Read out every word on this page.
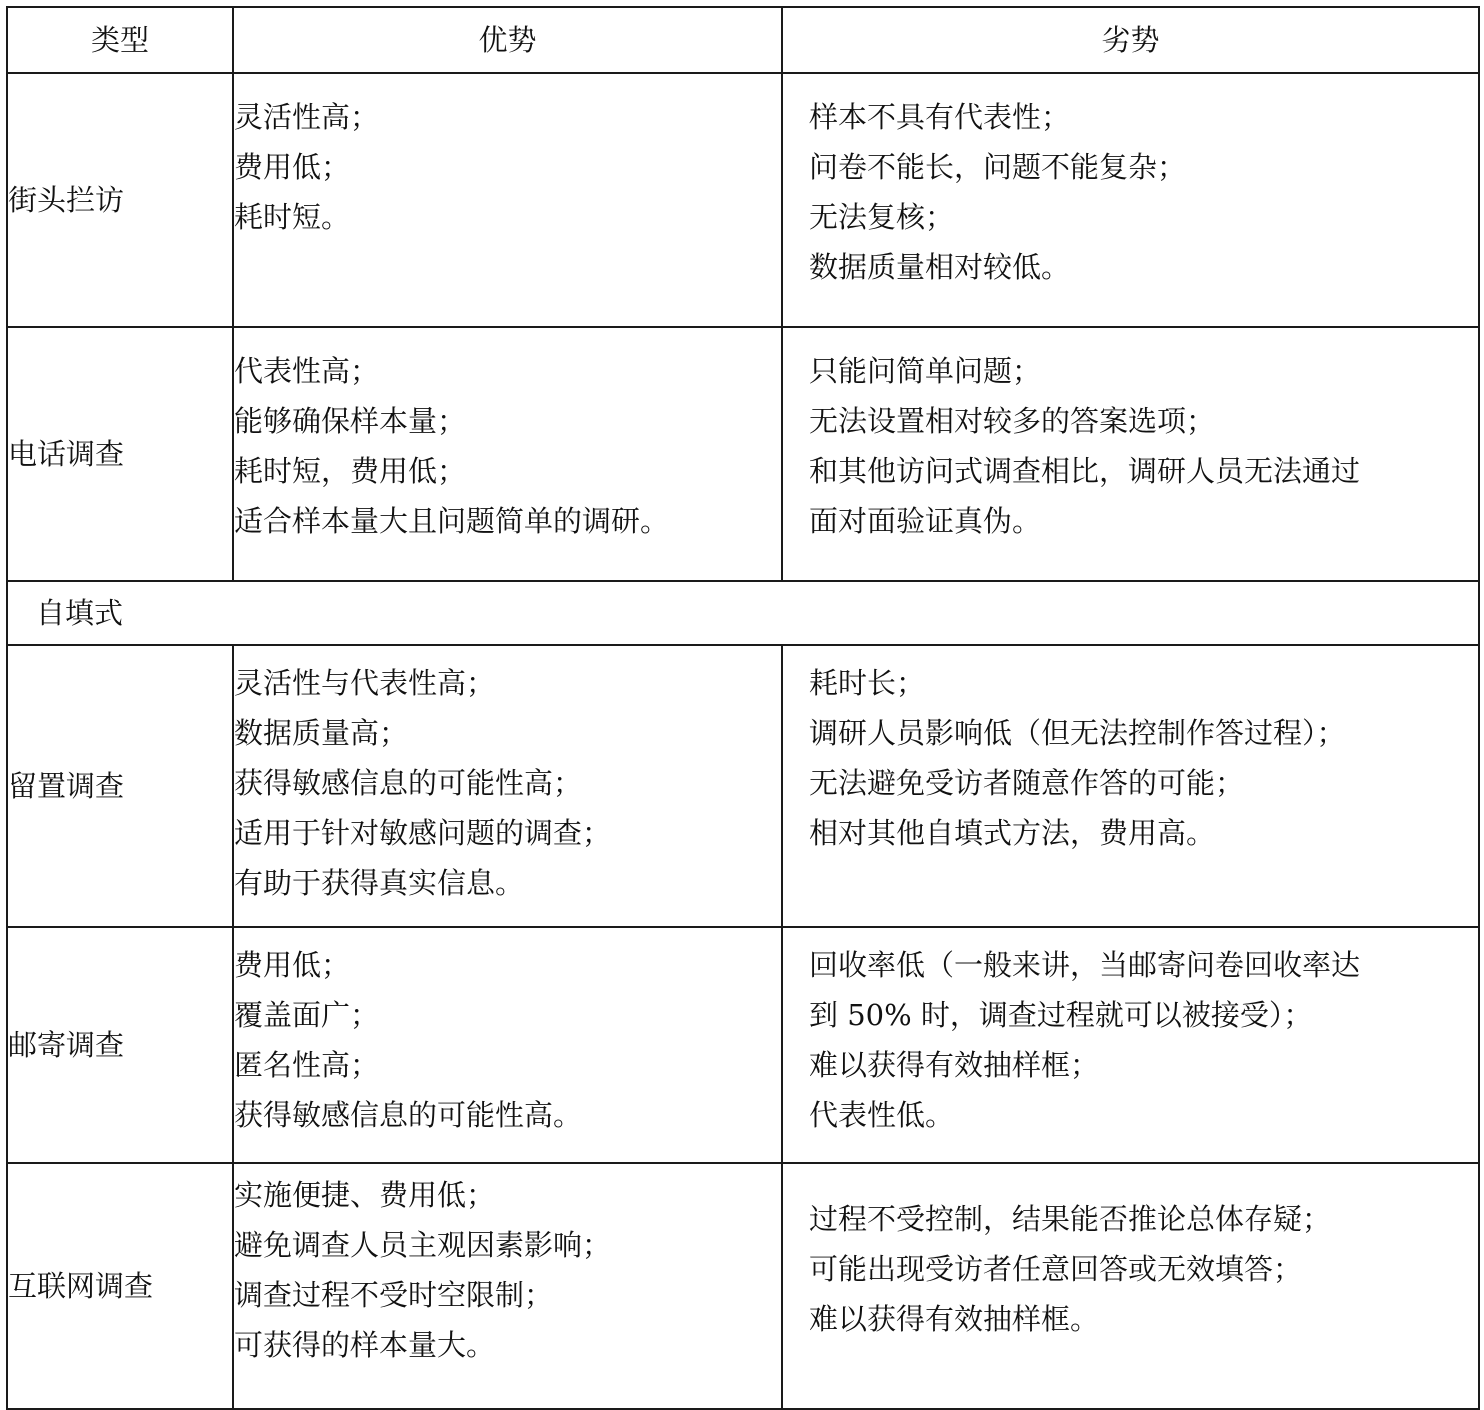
类型	优势	劣势
街头拦访	灵活性高；
费用低；
耗时短。	样本不具有代表性；
问卷不能长，问题不能复杂；
无法复核；
数据质量相对较低。

电话调查	代表性高；
能够确保样本量；
耗时短，费用低；
适合样本量大且问题简单的调研。	只能问简单问题；
无法设置相对较多的答案选项；
和其他访问式调查相比，调研人员无法通过
面对面验证真伪。

自填式		
留置调查	灵活性与代表性高；
数据质量高；
获得敏感信息的可能性高；
适用于针对敏感问题的调查；
有助于获得真实信息。	耗时长；
调研人员影响低（但无法控制作答过程）；
无法避免受访者随意作答的可能；
相对其他自填式方法，费用高。

邮寄调查	费用低；
覆盖面广；
匿名性高；
获得敏感信息的可能性高。	回收率低（一般来讲，当邮寄问卷回收率达
到 50% 时，调查过程就可以被接受）；
难以获得有效抽样框；
代表性低。

互联网调查	实施便捷、费用低；
避免调查人员主观因素影响；
调查过程不受时空限制；
可获得的样本量大。	过程不受控制，结果能否推论总体存疑；
可能出现受访者任意回答或无效填答；
难以获得有效抽样框。
